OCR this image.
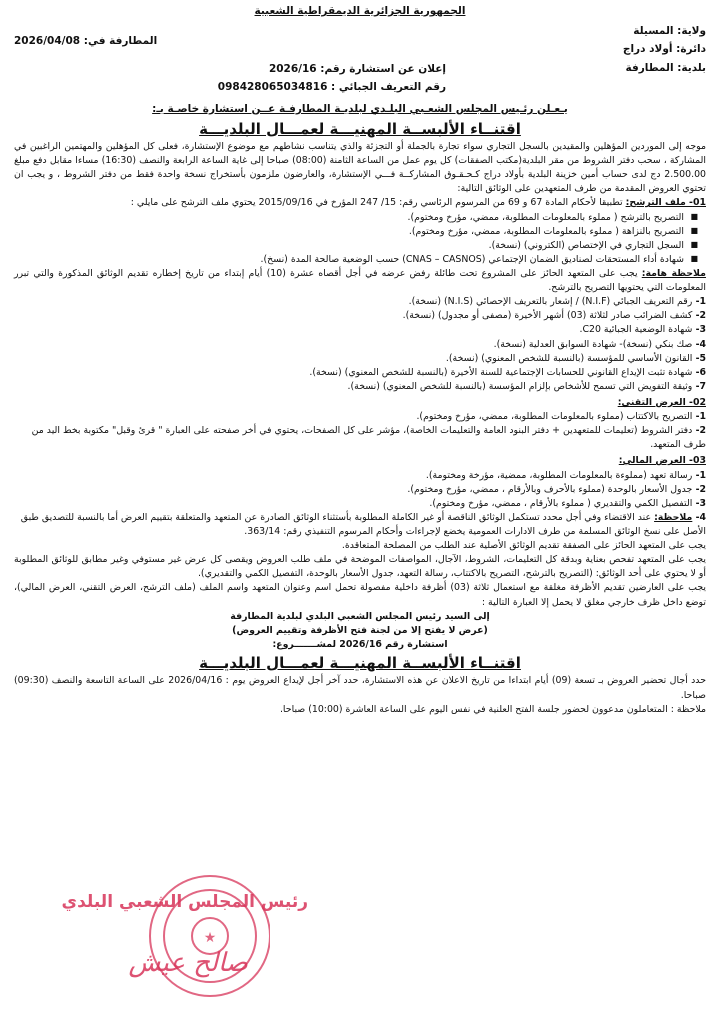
الجمهورية الجزائرية الديمقراطية الشعبية
ولاية: المسيلة
دائرة: أولاد دراج
بلدية: المطارفة
المطارفة في: 2026/04/08
إعلان عن استشارة رقم: 2026/16
رقم التعريف الجبائي : 098428065034816
يـعـلن رئـيس المجلس الشعـبي البلـدي لبلديـة المطارفـة عــن استشارة خاصـة بـ:
اقتنــاء الألبســة المهنيـــة لعمـــال البلديـــة

موجه إلى الموردين المؤهلين والمقيدين بالسجل التجاري سواء تجارة بالجملة أو التجزئة والذي يتناسب نشاطهم مع موضوع الإستشارة، فعلى كل المؤهلين والمهتمين الراغبين في المشاركة ، سحب دفتر الشروط من مقر البلدية(مكتب الصفقات) كل يوم عمل من الساعة الثامنة (08:00) صباحا إلى غاية الساعة الرابعة والنصف (16:30) مساءا مقابل دفع مبلغ 2.500.00 دج لدى حساب أمين خزينة البلدية بأولاد دراج كـحـقـوق المشاركــة فـــي الإستشارة، والعارضون ملزمون بأستخراج نسخة واحدة فقط من دفتر الشروط ، و يجب ان تحتوي العروض المقدمة من طرف المتعهدين على الوثائق التالية:

01- ملف الترشح: تطبيقا لأحكام المادة 67 و 69 من المرسوم الرئاسي رقم: 15/ 247 المؤرخ في 2015/09/16 يحتوي ملف الترشح على مايلي :

■ التصريح بالترشح ( مملوء بالمعلومات المطلوبة، ممضي، مؤرخ ومختوم).
■ التصريح بالنزاهة ( مملوء بالمعلومات المطلوبة، ممضي، مؤرخ ومختوم).
■ السجل التجاري في الإختصاص (الكتروني) (نسخة).
■ شهادة أداء المستحقات لصناديق الضمان الإجتماعي (CNAS – CASNOS) حسب الوضعية صالحة المدة (نسخ).

ملاحظة هامة: يجب على المتعهد الحائز على المشروع تحت طائلة رفض عرضه في أجل أقصاه عشرة (10) أيام إبتداء من تاريخ إخطاره تقديم الوثائق المذكورة والتي تبرر المعلومات التي يحتويها التصريح بالترشح.

1- رقم التعريف الجبائي (N.I.F) / إشعار بالتعريف الإحصائي (N.I.S) (نسخة).
2- كشف الضرائب صادر لثلاثة (03) أشهر الأخيرة (مصفى أو مجدول) (نسخة).
3- شهادة الوضعية الجبائية C20.
4- صك بنكي (نسخة)- شهادة السوابق العدلية (نسخة).
5- القانون الأساسي للمؤسسة (بالنسبة للشخص المعنوي) (نسخة).
6- شهادة تثبت الإيداع القانوني للحسابات الإجتماعية للسنة الأخيرة (بالنسبة للشخص المعنوي) (نسخة).
7- وثيقة التفويض التي تسمح للأشخاص بإلزام المؤسسة (بالنسبة للشخص المعنوي) (نسخة).
02- العرض التقني:
1- التصريح بالاكتتاب (مملوء بالمعلومات المطلوبة، ممضي، مؤرخ ومختوم).
2- دفتر الشروط (تعليمات للمتعهدين + دفتر البنود العامة والتعليمات الخاصة)، مؤشر على كل الصفحات، يحتوي في أخر صفحته على العبارة " قرئ وقبل" مكتوبة بخط اليد من طرف المتعهد.
03- العرض المالي:
1- رسالة تعهد (مملوءة بالمعلومات المطلوبة، ممضية، مؤرخة ومختومة).
2- جدول الأسعار بالوحدة (مملوء بالأحرف وبالأرقام ، ممضي، مؤرخ ومختوم).
3- التفصيل الكمي والتقديري ( مملوء بالأرقام ، ممضي، مؤرخ ومختوم).
4- ملاحظة: عند الاقتضاء وفي أجل محدد تستكمل الوثائق الناقصة أو غير الكاملة المطلوبة بأستثناء الوثائق الصادرة عن المتعهد والمتعلقة بتقييم العرض أما بالنسبة للتصديق طبق الأصل على نسخ الوثائق المسلمة من طرف الادارات العمومية يخضع لإجراءات وأحكام المرسوم التنفيذي رقم: 363/14.

يجب على المتعهد الحائز على الصفقة تقديم الوثائق الأصلية عند الطلب من المصلحة المتعاقدة.

يجب على المتعهد تفحص بعناية وبدقة كل التعليمات، الشروط، الآجال، المواصفات الموضحة في ملف طلب العروض ويقصى كل عرض غير مستوفي وغير مطابق للوثائق المطلوبة أو لا يحتوي على أحد الوثائق: (التصريح بالترشح، التصريح بالاكتتاب، رسالة التعهد، جدول الأسعار بالوحدة، التفصيل الكمي والتقديري).

يجب على العارضين تقديم الأظرفة مغلقة مع استعمال ثلاثة (03) أظرفة داخلية مفصولة تحمل اسم وعنوان المتعهد واسم الملف (ملف الترشح، العرض التقني، العرض المالي)، توضع داخل ظرف خارجي مغلق لا يحمل إلا العبارة التالية :

إلى السيد رئيس المجلس الشعبي البلدي لبلدية المطارفة
(عرض لا يفتح إلا من لجنة فتح الأظرفة وتقييم العروض)
استشارة رقم 2026/16 لمشـــــــروع:
اقتنــاء الألبســة المهنيـــة لعمـــال البلديـــة

حدد أجال تحضير العروض بـ تسعة (09) أيام ابتداءا من تاريخ الاعلان عن هذه الاستشارة، حدد آخر أجل لإيداع العروض يوم : 2026/04/16 على الساعة التاسعة والنصف (09:30) صباحا.

ملاحظة : المتعاملون مدعوون لحضور جلسة الفتح العلنية في نفس اليوم على الساعة العاشرة (10:00) صباحا.

★
رئيس المجلس الشعبي البلدي
صالح عيش
